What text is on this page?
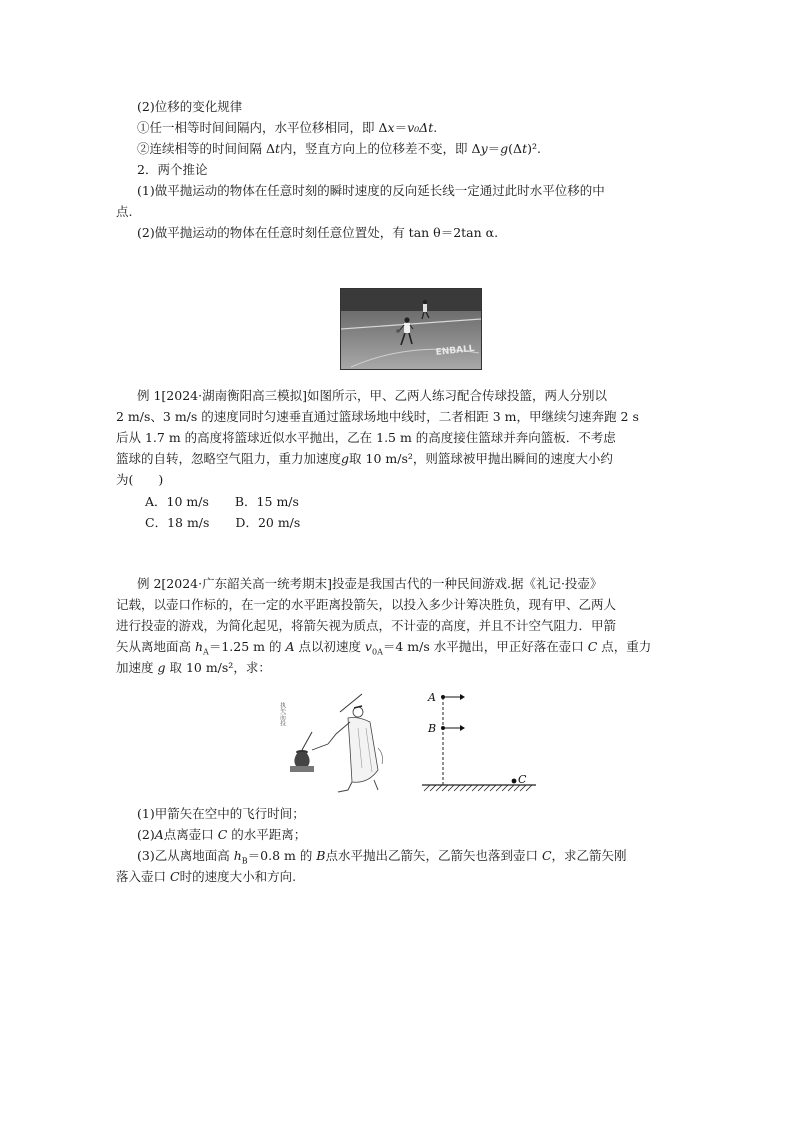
(2)位移的变化规律
①任一相等时间间隔内，水平位移相同，即 Δx＝v₀Δt.
②连续相等的时间间隔 Δt内，竖直方向上的位移差不变，即 Δy＝g(Δt)².
2．两个推论
(1)做平抛运动的物体在任意时刻的瞬时速度的反向延长线一定通过此时水平位移的中
点.
(2)做平抛运动的物体在任意时刻任意位置处，有 tan θ＝2tan α.
ENBALL
例 1[2024·湖南衡阳高三模拟]如图所示，甲、乙两人练习配合传球投篮，两人分别以
2 m/s、3 m/s 的速度同时匀速垂直通过篮球场地中线时，二者相距 3 m，甲继续匀速奔跑 2 s
后从 1.7 m 的高度将篮球近似水平抛出，乙在 1.5 m 的高度接住篮球并奔向篮板．不考虑
篮球的自转，忽略空气阻力，重力加速度g取 10 m/s²，则篮球被甲抛出瞬间的速度大小约
为(　　)
A．10 m/s B．15 m/s
C．18 m/s D．20 m/s
例 2[2024·广东韶关高一统考期末]投壶是我国古代的一种民间游戏.据《礼记·投壶》
记载，以壶口作标的，在一定的水平距离投箭矢，以投入多少计筹决胜负，现有甲、乙两人
进行投壶的游戏，为简化起见，将箭矢视为质点，不计壶的高度，并且不计空气阻力．甲箭
矢从离地面高 $h_A=1.25$ m 的 A 点以初速度 $v_{0A}=4$ m/s 水平抛出，甲正好落在壶口 C 点，重力
加速度 g 取 10 m/s²，求：
执矢而投
A
B
C
(1)甲箭矢在空中的飞行时间；
(2)A点离壶口 C 的水平距离；
(3)乙从离地面高 $h_B=0.8$ m 的 B点水平抛出乙箭矢，乙箭矢也落到壶口 C，求乙箭矢刚
落入壶口 C时的速度大小和方向.
